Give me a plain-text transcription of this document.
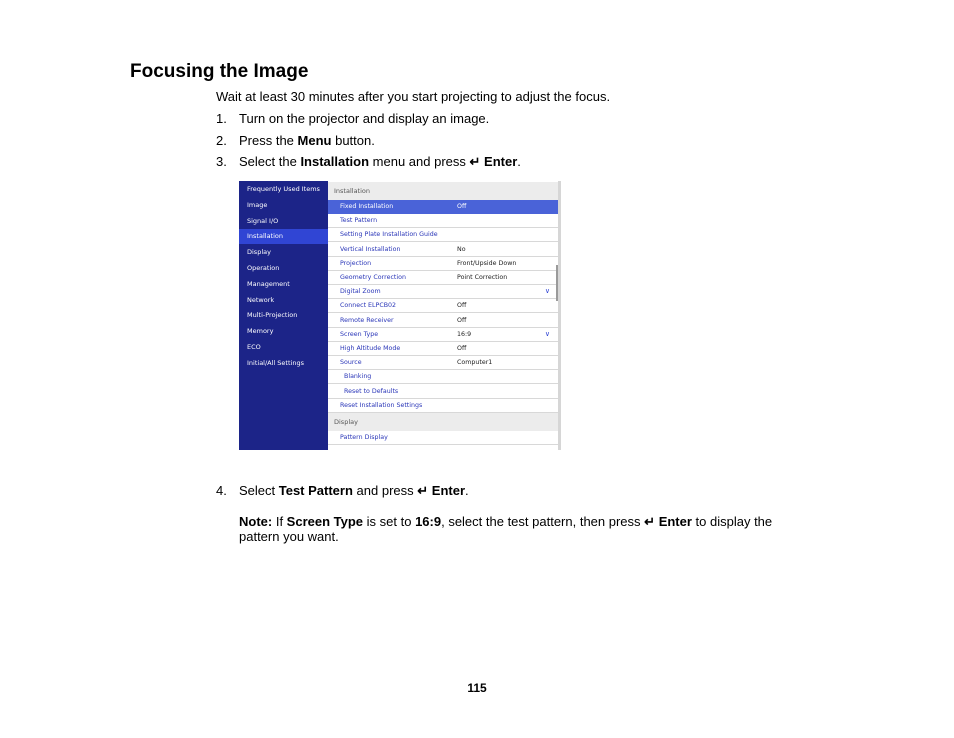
Focusing the Image
Wait at least 30 minutes after you start projecting to adjust the focus.
1. Turn on the projector and display an image.
2. Press the Menu button.
3. Select the Installation menu and press ↵ Enter.
Frequently Used Items
Image
Signal I/O
Installation
Display
Operation
Management
Network
Multi-Projection
Memory
ECO
Initial/All Settings
Installation
Fixed Installation	Off
Test Pattern
Setting Plate Installation Guide
Vertical Installation	No
Projection	Front/Upside Down
Geometry Correction	Point Correction
Digital Zoom	∨
Connect ELPCB02	Off
Remote Receiver	Off
Screen Type	16:9	∨
High Altitude Mode	Off
Source	Computer1
Blanking
Reset to Defaults
Reset Installation Settings
Display
Pattern Display
4. Select Test Pattern and press ↵ Enter.
Note: If Screen Type is set to 16:9, select the test pattern, then press ↵ Enter to display the pattern you want.
115
